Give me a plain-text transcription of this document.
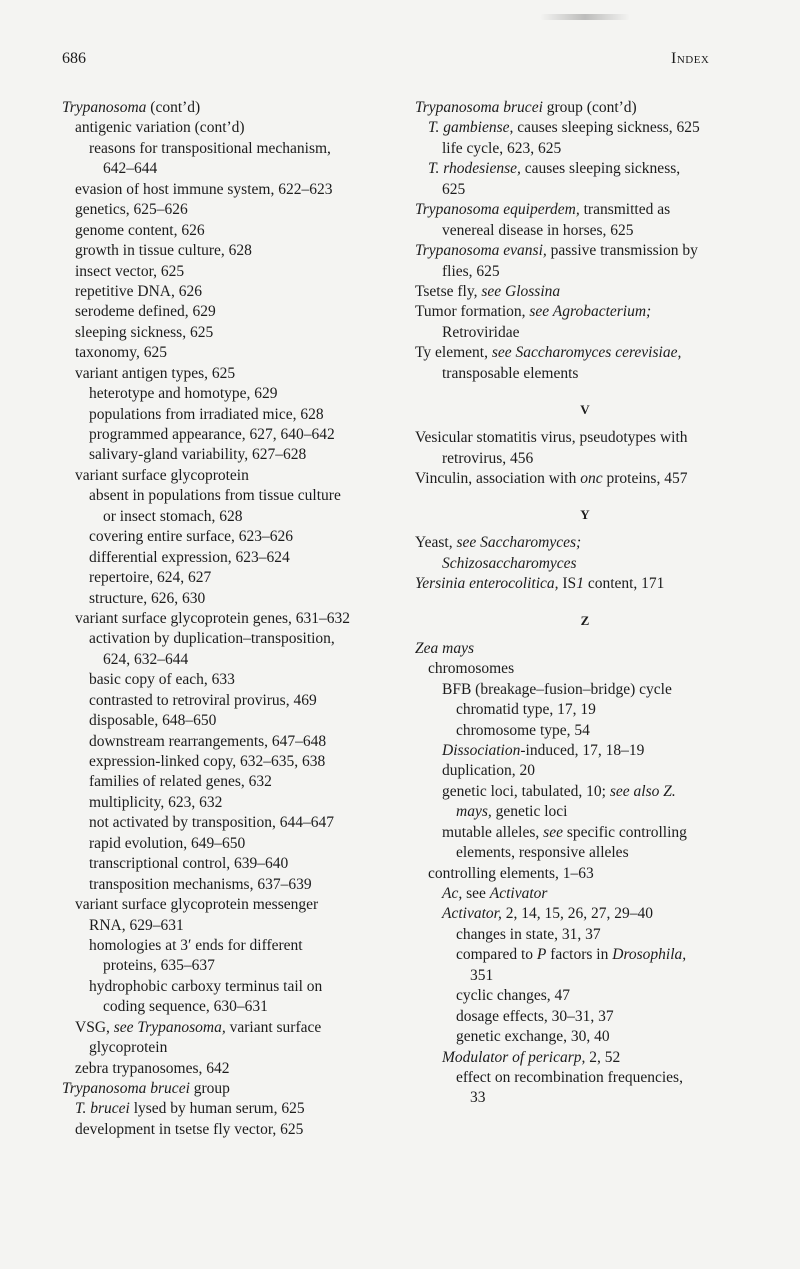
686	Index
Trypanosoma (cont’d)
antigenic variation (cont’d)
reasons for transpositional mechanism,
642–644
evasion of host immune system, 622–623
genetics, 625–626
genome content, 626
growth in tissue culture, 628
insect vector, 625
repetitive DNA, 626
serodeme defined, 629
sleeping sickness, 625
taxonomy, 625
variant antigen types, 625
heterotype and homotype, 629
populations from irradiated mice, 628
programmed appearance, 627, 640–642
salivary-gland variability, 627–628
variant surface glycoprotein
absent in populations from tissue culture
or insect stomach, 628
covering entire surface, 623–626
differential expression, 623–624
repertoire, 624, 627
structure, 626, 630
variant surface glycoprotein genes, 631–632
activation by duplication–transposition,
624, 632–644
basic copy of each, 633
contrasted to retroviral provirus, 469
disposable, 648–650
downstream rearrangements, 647–648
expression-linked copy, 632–635, 638
families of related genes, 632
multiplicity, 623, 632
not activated by transposition, 644–647
rapid evolution, 649–650
transcriptional control, 639–640
transposition mechanisms, 637–639
variant surface glycoprotein messenger
RNA, 629–631
homologies at 3′ ends for different
proteins, 635–637
hydrophobic carboxy terminus tail on
coding sequence, 630–631
VSG, see Trypanosoma, variant surface
glycoprotein
zebra trypanosomes, 642
Trypanosoma brucei group
T. brucei lysed by human serum, 625
development in tsetse fly vector, 625
Trypanosoma brucei group (cont’d)
T. gambiense, causes sleeping sickness, 625
life cycle, 623, 625
T. rhodesiense, causes sleeping sickness,
625
Trypanosoma equiperdem, transmitted as
venereal disease in horses, 625
Trypanosoma evansi, passive transmission by
flies, 625
Tsetse fly, see Glossina
Tumor formation, see Agrobacterium;
Retroviridae
Ty element, see Saccharomyces cerevisiae,
transposable elements
V
Vesicular stomatitis virus, pseudotypes with
retrovirus, 456
Vinculin, association with onc proteins, 457
Y
Yeast, see Saccharomyces;
Schizosaccharomyces
Yersinia enterocolitica, IS1 content, 171
Z
Zea mays
chromosomes
BFB (breakage–fusion–bridge) cycle
chromatid type, 17, 19
chromosome type, 54
Dissociation-induced, 17, 18–19
duplication, 20
genetic loci, tabulated, 10; see also Z.
mays, genetic loci
mutable alleles, see specific controlling
elements, responsive alleles
controlling elements, 1–63
Ac, see Activator
Activator, 2, 14, 15, 26, 27, 29–40
changes in state, 31, 37
compared to P factors in Drosophila,
351
cyclic changes, 47
dosage effects, 30–31, 37
genetic exchange, 30, 40
Modulator of pericarp, 2, 52
effect on recombination frequencies,
33
